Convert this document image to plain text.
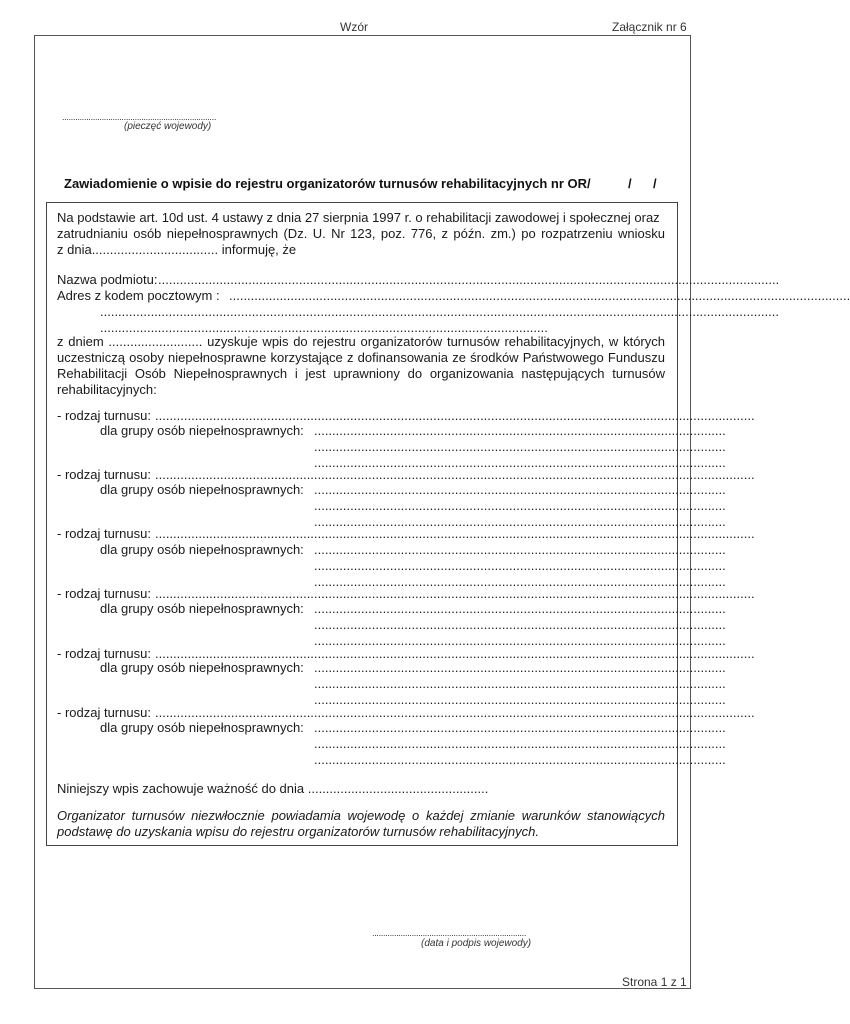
Wzór	Załącznik nr 6
......................................................................
(pieczęć wojewody)
Zawiadomienie o wpisie do rejestru organizatorów turnusów rehabilitacyjnych nr OR/	/ /
Na podstawie art. 10d ust. 4 ustawy z dnia 27 sierpnia 1997 r. o rehabilitacji zawodowej i społecznej oraz
zatrudnianiu osób niepełnosprawnych (Dz. U. Nr 123, poz. 776, z późn. zm.) po rozpatrzeniu wniosku
z dnia................................... informuję, że
Nazwa podmiotu: ............................................................................................................................................................................
Adres z kodem pocztowym : ............................................................................................................................................................................
............................................................................................................................................................................................
............................................................................................................................
z dniem .......................... uzyskuje wpis do rejestru organizatorów turnusów rehabilitacyjnych, w których
uczestniczą osoby niepełnosprawne korzystające z dofinansowania ze środków Państwowego Funduszu
Rehabilitacji Osób Niepełnosprawnych i jest uprawniony do organizowania następujących turnusów
rehabilitacyjnych:
- rodzaj turnusu: ......................................................................................................................................................................
dla grupy osób niepełnosprawnych: ..................................................................................................................
..................................................................................................................
..................................................................................................................
- rodzaj turnusu: ......................................................................................................................................................................
dla grupy osób niepełnosprawnych: ..................................................................................................................
..................................................................................................................
..................................................................................................................
- rodzaj turnusu: ......................................................................................................................................................................
dla grupy osób niepełnosprawnych: ..................................................................................................................
..................................................................................................................
..................................................................................................................
- rodzaj turnusu: ......................................................................................................................................................................
dla grupy osób niepełnosprawnych: ..................................................................................................................
..................................................................................................................
..................................................................................................................
- rodzaj turnusu: ......................................................................................................................................................................
dla grupy osób niepełnosprawnych: ..................................................................................................................
..................................................................................................................
..................................................................................................................
- rodzaj turnusu: ......................................................................................................................................................................
dla grupy osób niepełnosprawnych: ..................................................................................................................
..................................................................................................................
..................................................................................................................
Niniejszy wpis zachowuje ważność do dnia ..................................................
Organizator turnusów niezwłocznie powiadamia wojewodę o każdej zmianie warunków stanowiących
podstawę do uzyskania wpisu do rejestru organizatorów turnusów rehabilitacyjnych.
......................................................................
(data i podpis wojewody)
Strona 1 z 1
